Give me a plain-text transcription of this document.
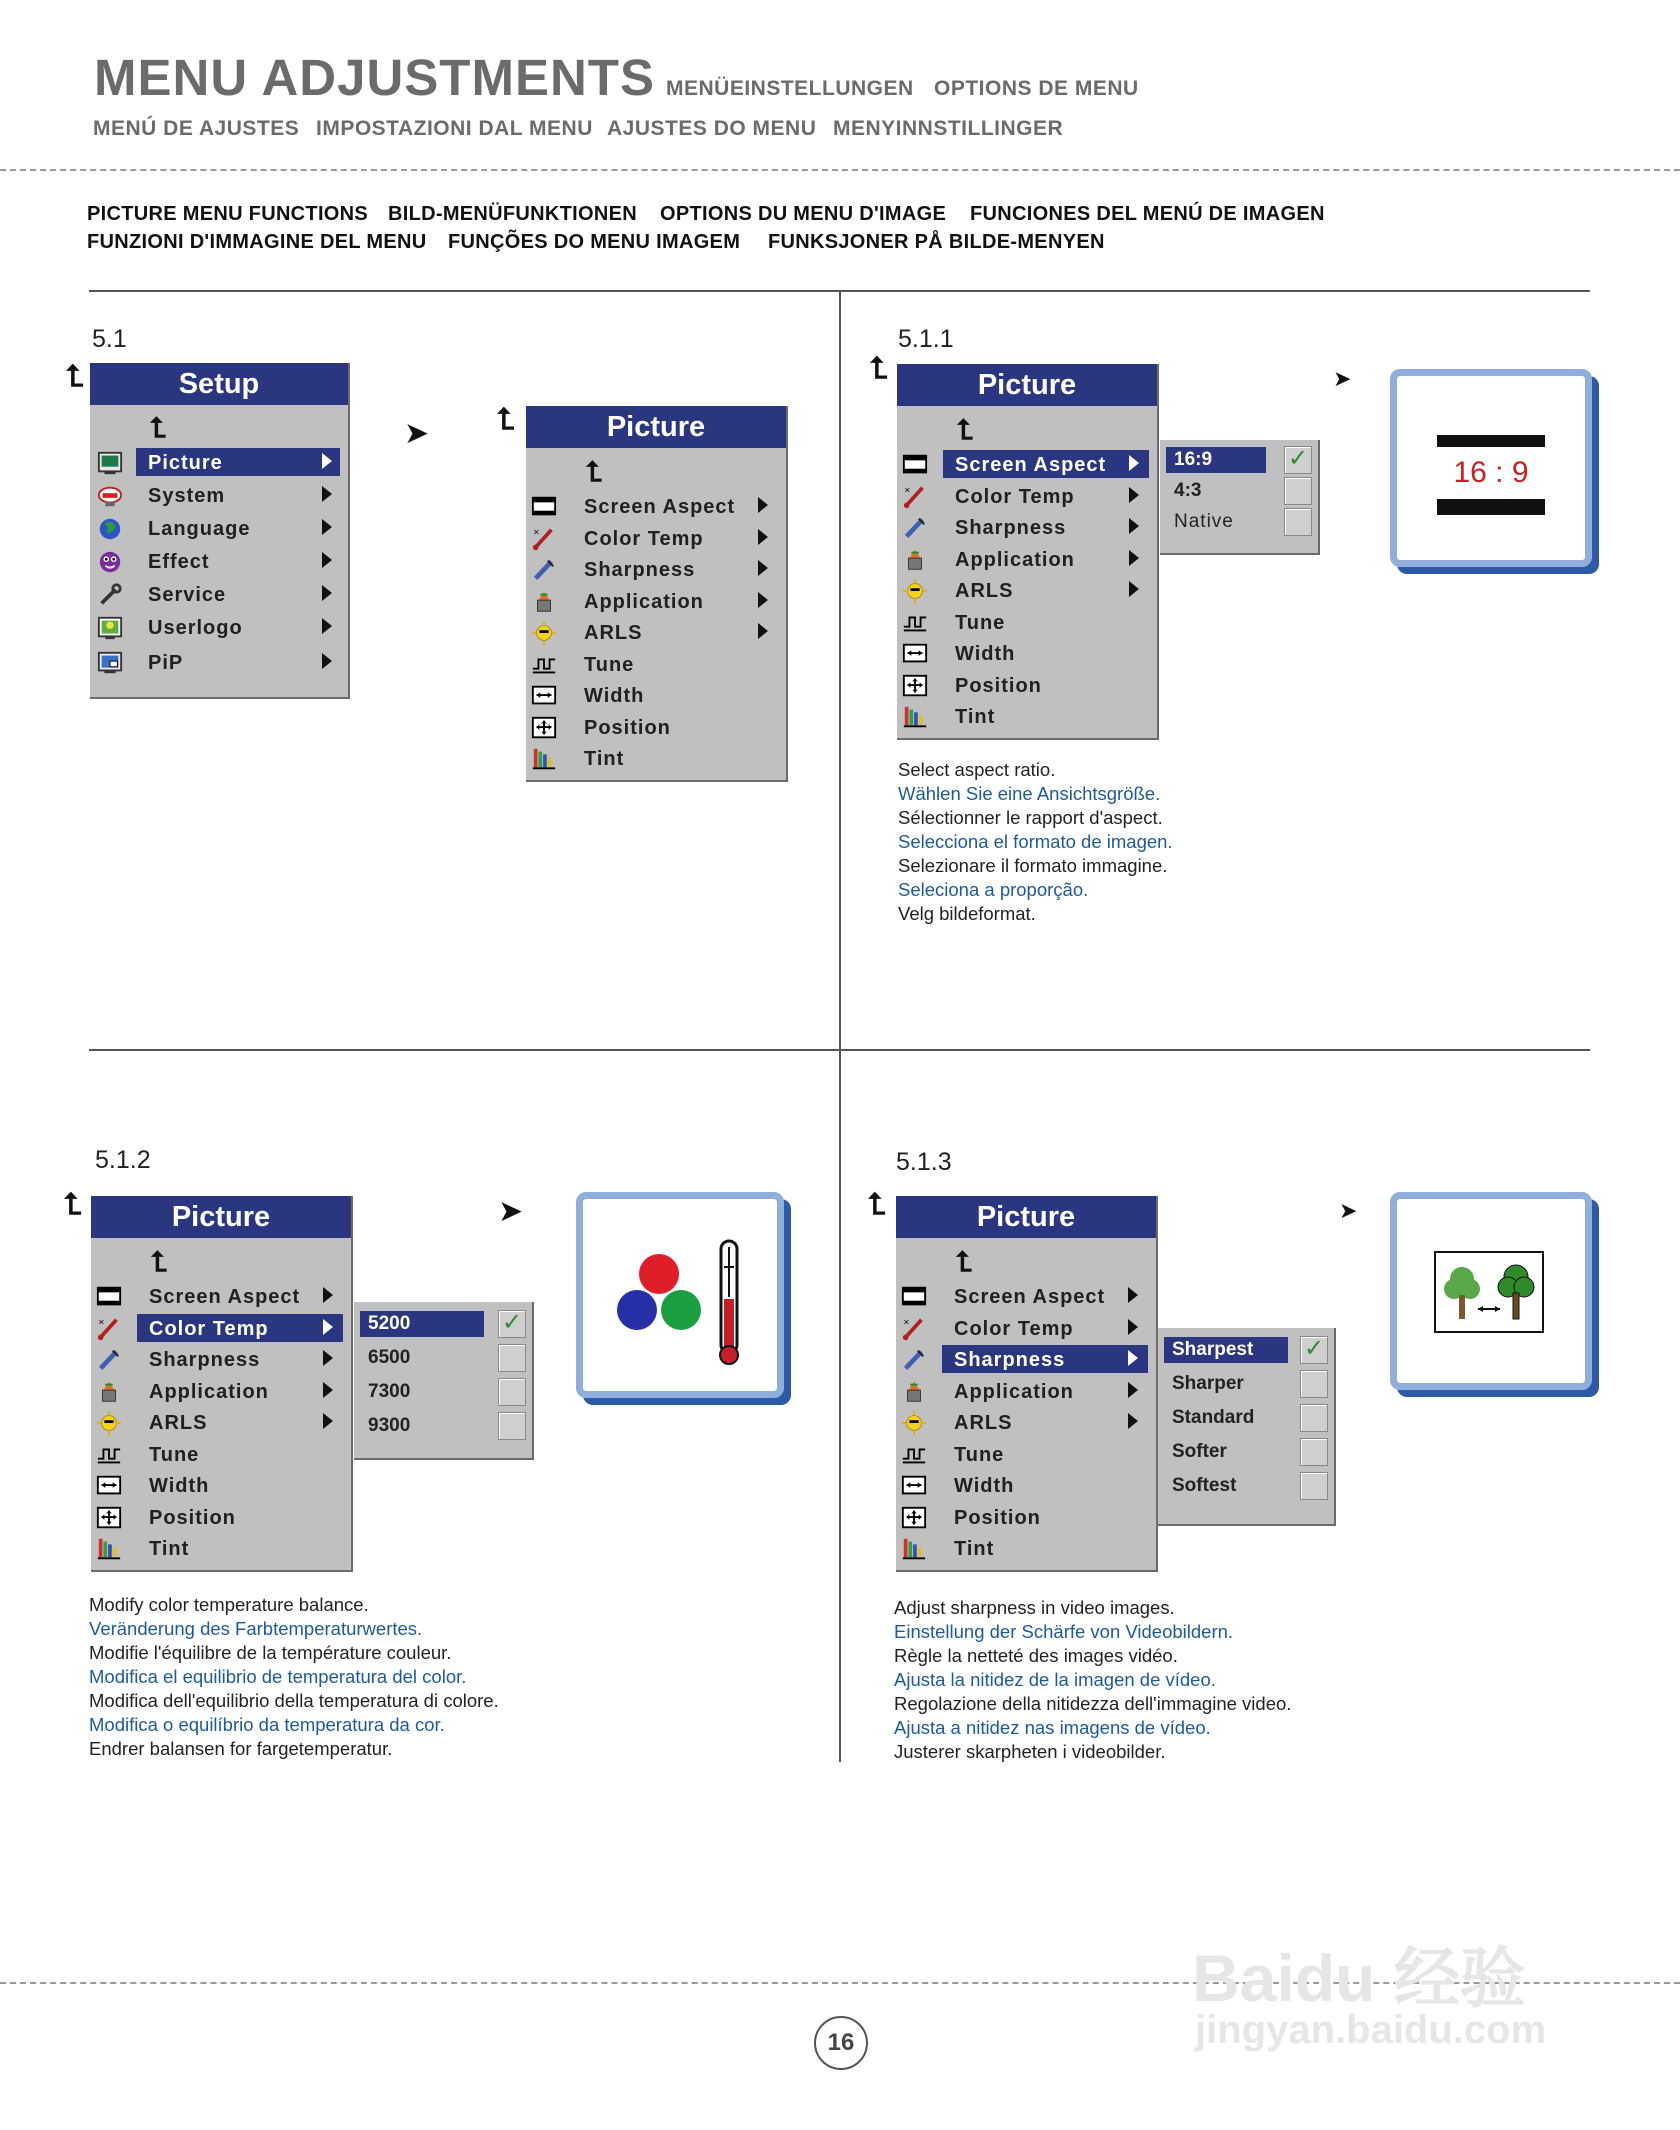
MENU ADJUSTMENTS MENÜEINSTELLUNGEN OPTIONS DE MENU
MENÚ DE AJUSTES IMPOSTAZIONI DAL MENU AJUSTES DO MENU MENYINNSTILLINGER
PICTURE MENU FUNCTIONS BILD-MENÜFUNKTIONEN OPTIONS DU MENU D'IMAGE FUNCIONES DEL MENÚ DE IMAGEN
FUNZIONI D'IMMAGINE DEL MENU FUNÇÕES DO MENU IMAGEM FUNKSJONER PÅ BILDE-MENYEN
5.1
⮤	Setup
⮤
Picture
System
Language
Effect
Service
Userlogo
PiP
➤ ⮤	Picture
⮤
Screen Aspect
Color Temp
Sharpness
Application
ARLS
Tune
Width
Position
Tint
5.1.1
⮤	Picture
⮤
Screen Aspect
Color Temp
Sharpness
Application
ARLS
Tune
Width
Position
Tint
16:9	✓
4:3
Native
➤
16 : 9
Select aspect ratio.
Wählen Sie eine Ansichtsgröße.
Sélectionner le rapport d'aspect.
Selecciona el formato de imagen.
Selezionare il formato immagine.
Seleciona a proporção.
Velg bildeformat.
5.1.2
⮤	Picture
⮤
Screen Aspect
Color Temp
Sharpness
Application
ARLS
Tune
Width
Position
Tint
5200	✓
6500
7300
9300
➤
Modify color temperature balance.
Veränderung des Farbtemperaturwertes.
Modifie l'équilibre de la température couleur.
Modifica el equilibrio de temperatura del color.
Modifica dell'equilibrio della temperatura di colore.
Modifica o equilíbrio da temperatura da cor.
Endrer balansen for fargetemperatur.
5.1.3
⮤	Picture
⮤
Screen Aspect
Color Temp
Sharpness
Application
ARLS
Tune
Width
Position
Tint
Sharpest	✓
Sharper
Standard
Softer
Softest
➤
Adjust sharpness in video images.
Einstellung der Schärfe von Videobildern.
Règle la netteté des images vidéo.
Ajusta la nitidez de la imagen de vídeo.
Regolazione della nitidezza dell'immagine video.
Ajusta a nitidez nas imagens de vídeo.
Justerer skarpheten i videobilder.
16
Baidu 经验
jingyan.baidu.com
